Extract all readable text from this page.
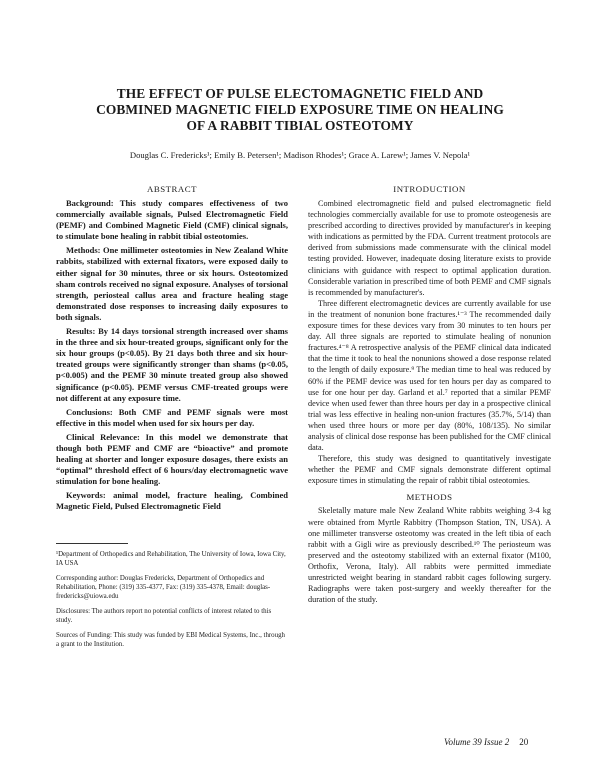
THE EFFECT OF PULSE ELECTOMAGNETIC FIELD AND
COBMINED MAGNETIC FIELD EXPOSURE TIME ON HEALING
OF A RABBIT TIBIAL OSTEOTOMY
Douglas C. Fredericks¹; Emily B. Petersen¹; Madison Rhodes¹; Grace A. Larew¹; James V. Nepola¹
ABSTRACT

Background: This study compares effectiveness of two commercially available signals, Pulsed Electromagnetic Field (PEMF) and Combined Magnetic Field (CMF) clinical signals, to stimulate bone healing in rabbit tibial osteotomies.

Methods: One millimeter osteotomies in New Zealand White rabbits, stabilized with external fixators, were exposed daily to either signal for 30 minutes, three or six hours. Osteotomized sham controls received no signal exposure. Analyses of torsional strength, periosteal callus area and fracture healing stage demonstrated dose responses to increasing daily exposures to both signals.

Results: By 14 days torsional strength increased over shams in the three and six hour-treated groups, significant only for the six hour groups (p<0.05). By 21 days both three and six hour-treated groups were significantly stronger than shams (p<0.05, p<0.005) and the PEMF 30 minute treated group also showed significance (p<0.05). PEMF versus CMF-treated groups were not different at any exposure time.

Conclusions: Both CMF and PEMF signals were most effective in this model when used for six hours per day.

Clinical Relevance: In this model we demonstrate that though both PEMF and CMF are “bioactive” and promote healing at shorter and longer exposure dosages, there exists an “optimal” threshold effect of 6 hours/day electromagnetic wave stimulation for bone healing.

Keywords: animal model, fracture healing, Combined Magnetic Field, Pulsed Electromagnetic Field

¹Department of Orthopedics and Rehabilitation, The University of Iowa, Iowa City, IA USA

Corresponding author: Douglas Fredericks, Department of Orthopedics and Rehabilitation, Phone: (319) 335-4377, Fax: (319) 335-4378, Email: douglas-fredericks@uiowa.edu

Disclosures: The authors report no potential conflicts of interest related to this study.

Sources of Funding: This study was funded by EBI Medical Systems, Inc., through a grant to the Institution.

INTRODUCTION

Combined electromagnetic field and pulsed electromagnetic field technologies commercially available for use to promote osteogenesis are prescribed according to directives provided by manufacturer's in keeping with indications as permitted by the FDA. Current treatment protocols are derived from submissions made commensurate with the clinical model testing provided. However, inadequate dosing literature exists to provide clinicians with guidance with respect to optimal application duration. Considerable variation in prescribed time of both PEMF and CMF signals is recommended by manufacturer's.

Three different electromagnetic devices are currently available for use in the treatment of nonunion bone fractures.¹⁻³ The recommended daily exposure times for these devices vary from 30 minutes to ten hours per day. All three signals are reported to stimulate healing of nonunion fractures.⁴⁻⁸ A retrospective analysis of the PEMF clinical data indicated that the time it took to heal the nonunions showed a dose response related to the length of daily exposure.⁹ The median time to heal was reduced by 60% if the PEMF device was used for ten hours per day as compared to use for one hour per day. Garland et al.⁷ reported that a similar PEMF device when used fewer than three hours per day in a prospective clinical trial was less effective in healing non-union fractures (35.7%, 5/14) than when used three hours or more per day (80%, 108/135). No similar analysis of clinical dose response has been published for the CMF clinical data.

Therefore, this study was designed to quantitatively investigate whether the PEMF and CMF signals demonstrate different optimal exposure times in stimulating the repair of rabbit tibial osteotomies.

METHODS

Skeletally mature male New Zealand White rabbits weighing 3-4 kg were obtained from Myrtle Rabbitry (Thompson Station, TN, USA). A one millimeter transverse osteotomy was created in the left tibia of each rabbit with a Gigli wire as previously described.¹⁰ The periosteum was preserved and the osteotomy stabilized with an external fixator (M100, Orthofix, Verona, Italy). All rabbits were permitted immediate unrestricted weight bearing in standard rabbit cages following surgery. Radiographs were taken post-surgery and weekly thereafter for the duration of the study.

Volume 39 Issue 2 20
